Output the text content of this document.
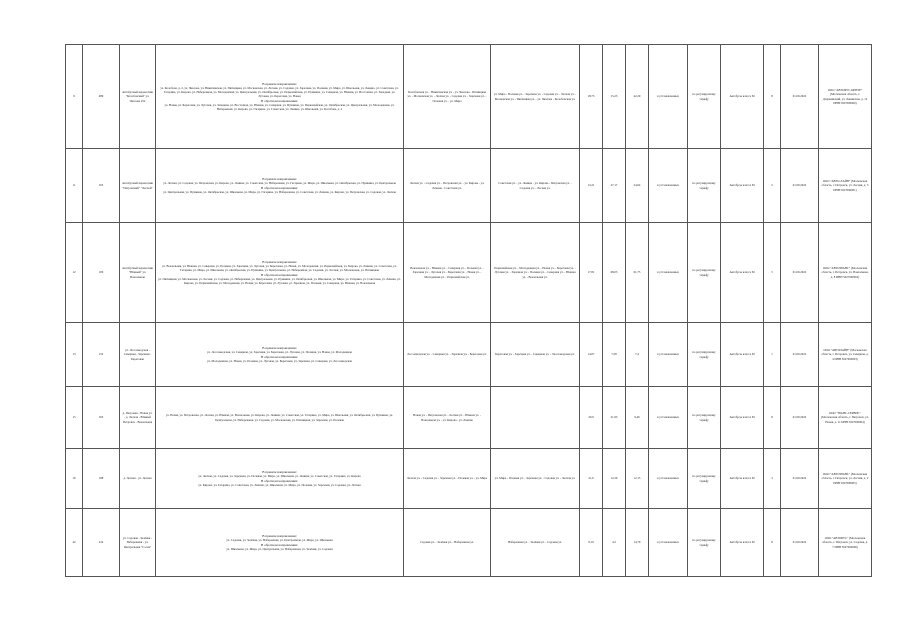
9	489	Автобусный перевозчик "Колобовский" ул. Чкалова 452	В прямом направлении:
ул. Колобова, д. 2, ул. Чкалова, ул. Никитинская, ул. Пятницкая, ул. Московская, ул. Лесная, ул. Садовая, ул. Заречная, ул. Полевая, ул. Мира, ул. Школьная, ул. Ленина, ул. Советская, ул. Гагарина, ул. Кирова, ул. Набережная, ул. Молодежная, ул. Центральная, ул. Октябрьская, ул. Первомайская, ул. Пушкина, ул. Северная, ул. Южная, ул. Восточная, ул. Западная, ул. Луговая, ул. Береговая, ул. Новая
В обратном направлении:
ул. Новая, ул. Береговая, ул. Луговая, ул. Западная, ул. Восточная, ул. Южная, ул. Северная, ул. Пушкина, ул. Первомайская, ул. Октябрьская, ул. Центральная, ул. Молодежная, ул. Набережная, ул. Кирова, ул. Гагарина, ул. Советская, ул. Ленина, ул. Школьная, ул. Колобова, д. 2	Колобовская ул. - Никитинская ул. - ул. Чкалова - Пятницкая ул. - Московская ул. - Лесная ул. - Садовая ул. - Заречная ул. - Полевая ул. - ул. Мира	ул. Мира - Полевая ул. - Заречная ул. - Садовая ул. - Лесная ул. - Московская ул. - Пятницкая ул. - ул. Чкалова - Колобовская ул.	18,73	15,23	42,29	в установленных	по регулируемому тарифу	Автобусы класса М	8	01.09.2022	ООО "АВТОБУС-ЦЕНТР" (Московская область, г. Дзержинский, ул. Ленинская, д. 12 ИНН 5027000000)
11	105	Автобусный перевозчик "Петровский" "Лесной"	В прямом направлении:
ул. Лесная, ул. Садовая, ул. Петровская, ул. Кирова, ул. Ленина, ул. Советская, ул. Набережная, ул. Гагарина, ул. Мира, ул. Школьная, ул. Октябрьская, ул. Пушкина, ул. Центральная
В обратном направлении:
ул. Центральная, ул. Пушкина, ул. Октябрьская, ул. Школьная, ул. Мира, ул. Гагарина, ул. Набережная, ул. Советская, ул. Ленина, ул. Кирова, ул. Петровская, ул. Садовая, ул. Лесная	Лесная ул. - Садовая ул. - Петровская ул. - ул. Кирова - ул. Ленина - Советская ул.	Советская ул. - ул. Ленина - ул. Кирова - Петровская ул. - Садовая ул. - Лесная ул.	13,21	27,17	24,64	в установленных	по регулируемому тарифу	Автобусы класса М	2	01.09.2022	ООО "АВТО-ЛАЙН" (Московская область, г. Петровск, ул. Лесная, д. 3 ИНН 5027000001)
12	109	Автобусный перевозчик "Южный" ул. Вокзальная	В прямом направлении:
ул. Вокзальная, ул. Южная, ул. Северная, ул. Полевая, ул. Заречная, ул. Луговая, ул. Береговая, ул. Новая, ул. Молодежная, ул. Первомайская, ул. Кирова, ул. Ленина, ул. Советская, ул. Гагарина, ул. Мира, ул. Школьная, ул. Октябрьская, ул. Пушкина, ул. Центральная, ул. Набережная, ул. Садовая, ул. Лесная, ул. Московская, ул. Пятницкая
В обратном направлении:
ул. Пятницкая, ул. Московская, ул. Лесная, ул. Садовая, ул. Набережная, ул. Центральная, ул. Пушкина, ул. Октябрьская, ул. Школьная, ул. Мира, ул. Гагарина, ул. Советская, ул. Ленина, ул. Кирова, ул. Первомайская, ул. Молодежная, ул. Новая, ул. Береговая, ул. Луговая, ул. Заречная, ул. Полевая, ул. Северная, ул. Южная, ул. Вокзальная	Вокзальная ул. - Южная ул. - Северная ул. - Полевая ул. - Заречная ул. - Луговая ул. - Береговая ул. - Новая ул. - Молодежная ул. - Первомайская ул.	Первомайская ул. - Молодежная ул. - Новая ул. - Береговая ул. - Луговая ул. - Заречная ул. - Полевая ул. - Северная ул. - Южная ул. - Вокзальная ул.	17,81	68,03	61,75	в установленных	по регулируемому тарифу	Автобусы класса М	5	01.09.2022	ООО "АВТОТРАНС" (Московская область, г. Петровск, ул. Вокзальная, д. 8 ИНН 5027000002)
13	152	ул. Лесозаводская - Северная - Заречная - Береговая	В прямом направлении:
ул. Лесозаводская, ул. Северная, ул. Заречная, ул. Береговая, ул. Луговая, ул. Полевая, ул. Новая, ул. Молодежная
В обратном направлении:
ул. Молодежная, ул. Новая, ул. Полевая, ул. Луговая, ул. Береговая, ул. Заречная, ул. Северная, ул. Лесозаводская	Лесозаводская ул. - Северная ул. - Заречная ул. - Береговая ул.	Береговая ул. - Заречная ул. - Северная ул. - Лесозаводская ул.	14,67	7,58	7,4	в установленных	по регулируемому тарифу	Автобусы класса М	1	01.09.2022	ООО "АВТОЛАЙН" (Московская область, г. Петровск, ул. Северная, д. 4 ИНН 5027000003)
15	163	д. Петровка - Новая ул. - д. Лесная - Южный Петровск - Вокзальная	ул. Новая, ул. Петровская, ул. Лесная, ул. Южная, ул. Вокзальная, ул. Кирова, ул. Ленина, ул. Советская, ул. Гагарина, ул. Мира, ул. Школьная, ул. Октябрьская, ул. Пушкина, ул. Центральная, ул. Набережная, ул. Садовая, ул. Московская, ул. Пятницкая, ул. Заречная, ул. Полевая	Новая ул. - Петровская ул. - Лесная ул. - Южная ул. - Вокзальная ул. - ул. Кирова - ул. Ленина		20,9	21,93	9,46	в установленных	по регулируемому тарифу	Автобусы класса М	8	01.09.2022	ООО "ТРАНС-СЕРВИС" (Московская область, г. Петровск, ул. Новая, д. 11 ИНН 5027000004)
16	188	д. Лесная - ул. Лесная	В прямом направлении:
ул. Лесная, ул. Садовая, ул. Заречная, ул. Полевая, ул. Мира, ул. Школьная, ул. Ленина, ул. Советская, ул. Гагарина, ул. Кирова
В обратном направлении:
ул. Кирова, ул. Гагарина, ул. Советская, ул. Ленина, ул. Школьная, ул. Мира, ул. Полевая, ул. Заречная, ул. Садовая, ул. Лесная	Лесная ул. - Садовая ул. - Заречная ул. - Полевая ул. - ул. Мира	ул. Мира - Полевая ул. - Заречная ул. - Садовая ул. - Лесная ул.	21,6	12,29	12,15	в установленных	по регулируемому тарифу	Автобусы класса М	3	01.09.2022	ООО "АВТОТРАНС" (Московская область, г. Петровск, ул. Лесная, д. 2 ИНН 5027000005)
42	224	ул. Садовая - Зелёная - Набережная - ул. Центральная "Сосна"	В прямом направлении:
ул. Садовая, ул. Зелёная, ул. Набережная, ул. Центральная, ул. Мира, ул. Школьная
В обратном направлении:
ул. Школьная, ул. Мира, ул. Центральная, ул. Набережная, ул. Зелёная, ул. Садовая	Садовая ул. - Зелёная ул. - Набережная ул.	Набережная ул. - Зелёная ул. - Садовая ул.	8,19	4,2	14,79	в установленных	по регулируемому тарифу	Автобусы класса М	8	01.09.2022	ООО "АВТОБУС" (Московская область, г. Петровск, ул. Садовая, д. 7 ИНН 5027000006)
